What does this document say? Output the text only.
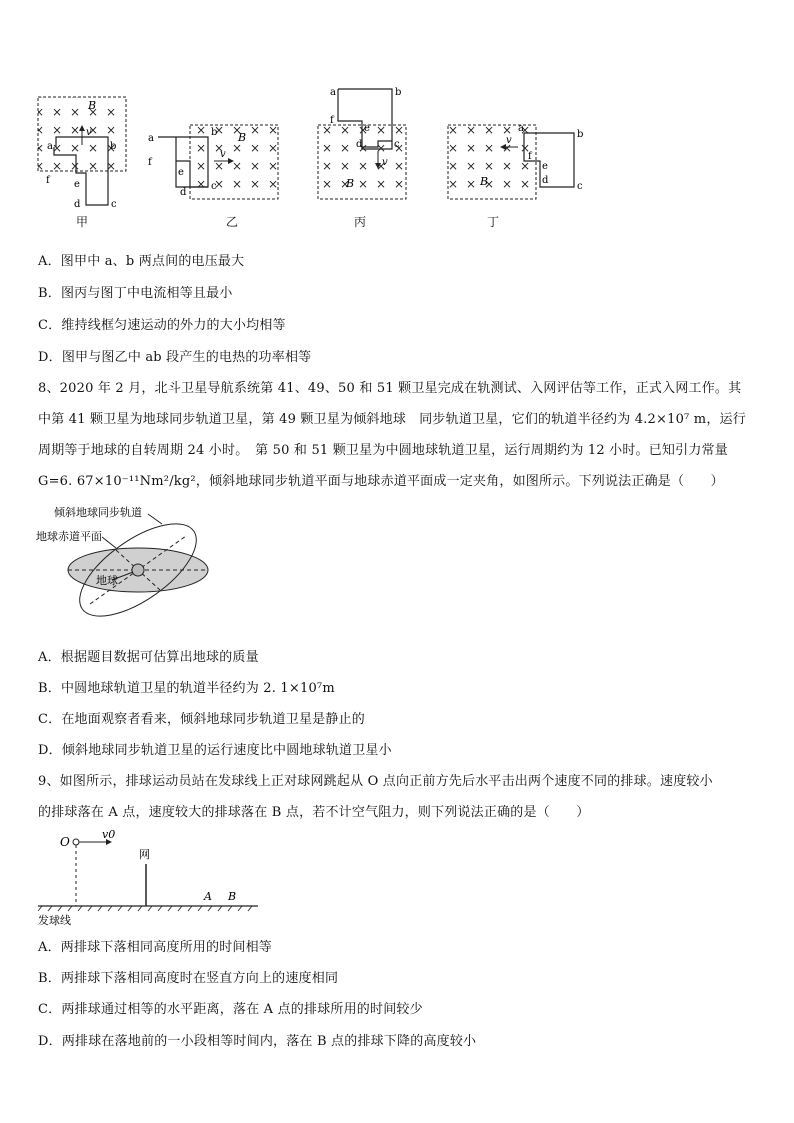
v
B
a	b
f e
d	c
v
B
a
b
f
e
d
c
v
B
a	b
f
e
d	c	v
B
a
b
f
e
d
c
甲	乙	丙	丁
A．图甲中 a、b 两点间的电压最大
B．图丙与图丁中电流相等且最小
C．维持线框匀速运动的外力的大小均相等
D．图甲与图乙中 ab 段产生的电热的功率相等
8、2020 年 2 月，北斗卫星导航系统第 41、49、50 和 51 颗卫星完成在轨测试、入网评估等工作，正式入网工作。其
中第 41 颗卫星为地球同步轨道卫星，第 49 颗卫星为倾斜地球　同步轨道卫星，它们的轨道半径约为 4.2×10⁷ m，运行
周期等于地球的自转周期 24 小时。　第 50 和 51 颗卫星为中圆地球轨道卫星，运行周期约为 12 小时。已知引力常量
G=6. 67×10⁻¹¹Nm²/kg²，倾斜地球同步轨道平面与地球赤道平面成一定夹角，如图所示。下列说法正确是（　　）
倾斜地球同步轨道
地球赤道平面
地球
A．根据题目数据可估算出地球的质量
B．中圆地球轨道卫星的轨道半径约为 2. 1×10⁷m
C．在地面观察者看来，倾斜地球同步轨道卫星是静止的
D．倾斜地球同步轨道卫星的运行速度比中圆地球轨道卫星小
9、如图所示，排球运动员站在发球线上正对球网跳起从 O 点向正前方先后水平击出两个速度不同的排球。速度较小
的排球落在 A 点，速度较大的排球落在 B 点，若不计空气阻力，则下列说法正确的是（　　）
O
v0
网
A B
发球线
A．两排球下落相同高度所用的时间相等
B．两排球下落相同高度时在竖直方向上的速度相同
C．两排球通过相等的水平距离，落在 A 点的排球所用的时间较少
D．两排球在落地前的一小段相等时间内，落在 B 点的排球下降的高度较小
